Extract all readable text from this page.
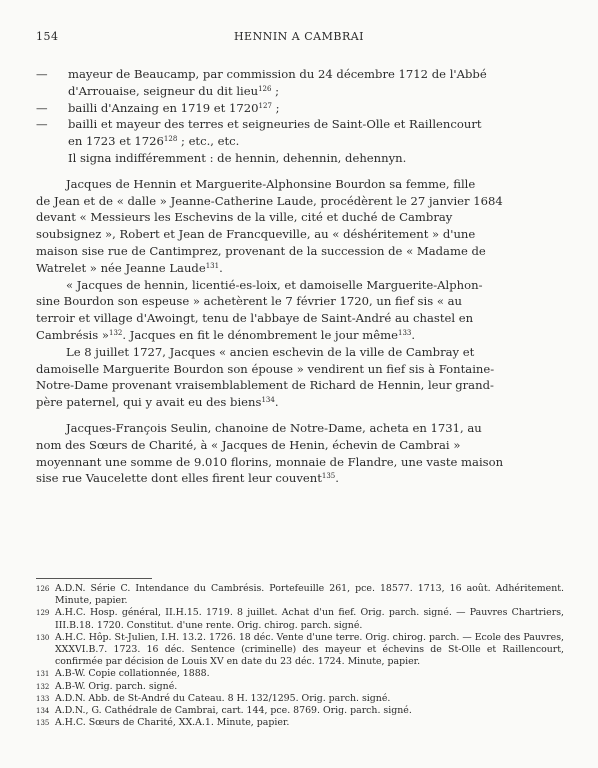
154	HENNIN A CAMBRAI
— mayeur de Beaucamp, par commission du 24 décembre 1712 de l'Abbé
d'Arrouaise, seigneur du dit lieu$^{126}$ ;
— bailli d'Anzaing en 1719 et 1720$^{127}$ ;
— bailli et mayeur des terres et seigneuries de Saint-Olle et Raillencourt
en 1723 et 1726$^{128}$ ; etc., etc.
Il signa indifféremment : de hennin, dehennin, dehennyn.

Jacques de Hennin et Marguerite-Alphonsine Bourdon sa femme, fille
de Jean et de « dalle » Jeanne-Catherine Laude, procédèrent le 27 janvier 1684
devant « Messieurs les Eschevins de la ville, cité et duché de Cambray
soubsignez », Robert et Jean de Francqueville, au « déshéritement » d'une
maison sise rue de Cantimprez, provenant de la succession de « Madame de
Watrelet » née Jeanne Laude$^{131}$.

« Jacques de hennin, licentié-es-loix, et damoiselle Marguerite-Alphon-
sine Bourdon son espeuse » achetèrent le 7 février 1720, un fief sis « au
terroir et village d'Awoingt, tenu de l'abbaye de Saint-André au chastel en
Cambrésis »$^{132}$. Jacques en fit le dénombrement le jour même$^{133}$.

Le 8 juillet 1727, Jacques « ancien eschevin de la ville de Cambray et
damoiselle Marguerite Bourdon son épouse » vendirent un fief sis à Fontaine-
Notre-Dame provenant vraisemblablement de Richard de Hennin, leur grand-
père paternel, qui y avait eu des biens$^{134}$.

Jacques-François Seulin, chanoine de Notre-Dame, acheta en 1731, au
nom des Sœurs de Charité, à « Jacques de Henin, échevin de Cambrai »
moyennant une somme de 9.010 florins, monnaie de Flandre, une vaste maison
sise rue Vaucelette dont elles firent leur couvent$^{135}$.

126 A.D.N. Série C. Intendance du Cambrésis. Portefeuille 261, pce. 18577. 1713, 16 août. Adhéritement. Minute, papier.
129 A.H.C. Hosp. général, II.H.15. 1719. 8 juillet. Achat d'un fief. Orig. parch. signé. — Pauvres Chartriers, III.B.18. 1720. Constitut. d'une rente. Orig. chirog. parch. signé.
130 A.H.C. Hôp. St-Julien, I.H. 13.2. 1726. 18 déc. Vente d'une terre. Orig. chirog. parch. — Ecole des Pauvres, XXXVI.B.7. 1723. 16 déc. Sentence (criminelle) des mayeur et échevins de St-Olle et Raillencourt, confirmée par décision de Louis XV en date du 23 déc. 1724. Minute, papier.
131 A.B-W. Copie collationnée, 1888.
132 A.B-W. Orig. parch. signé.
133 A.D.N. Abb. de St-André du Cateau. 8 H. 132/1295. Orig. parch. signé.
134 A.D.N., G. Cathédrale de Cambrai, cart. 144, pce. 8769. Orig. parch. signé.
135 A.H.C. Sœurs de Charité, XX.A.1. Minute, papier.
